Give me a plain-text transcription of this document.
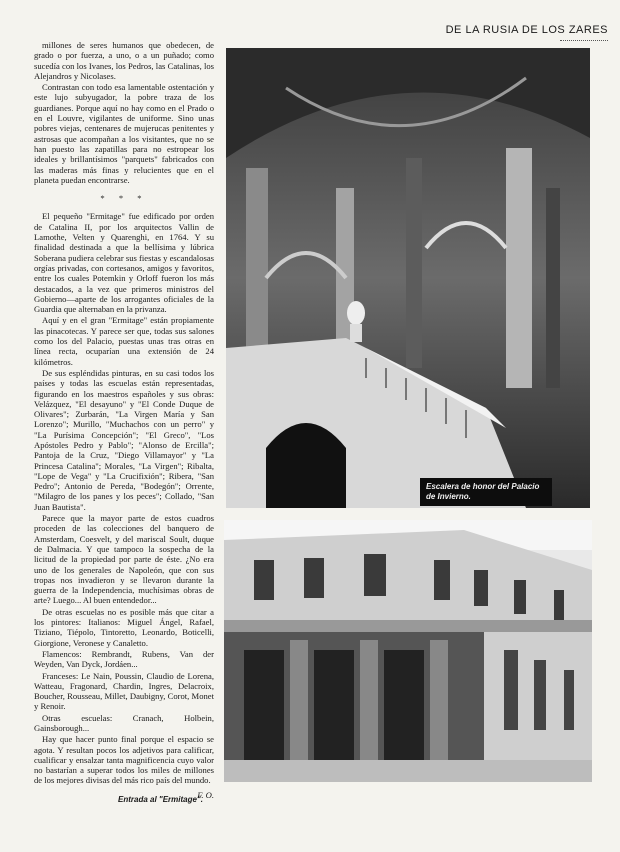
DE LA RUSIA DE LOS ZARES

millones de seres humanos que obedecen, de grado o por fuerza, a uno, o a un puñado; como sucedía con los Ivanes, los Pedros, las Catalinas, los Alejandros y Nicolases.

Contrastan con todo esa lamentable ostentación y este lujo subyugador, la pobre traza de los guardianes. Porque aquí no hay como en el Prado o en el Louvre, vigilantes de uniforme. Sino unas pobres viejas, centenares de mujerucas penitentes y astrosas que acompañan a los visitantes, que no se han puesto las zapatillas para no estropear los ideales y brillantísimos "parquets" fabricados con las maderas más finas y relucientes que en el planeta puedan encontrarse.

* * *

El pequeño "Ermitage" fue edificado por orden de Catalina II, por los arquitectos Vallin de Lamothe, Velten y Quarenghi, en 1764. Y su finalidad destinada a que la bellísima y lúbrica Soberana pudiera celebrar sus fiestas y escandalosas orgías privadas, con cortesanos, amigos y favoritos, entre los cuales Potemkin y Orloff fueron los más destacados, a la vez que primeros ministros del Gobierno—aparte de los arrogantes oficiales de la Guardia que alternaban en la privanza.

Aquí y en el gran "Ermitage" están propiamente las pinacotecas. Y parece ser que, todas sus salones como los del Palacio, puestas unas tras otras en línea recta, ocuparían una extensión de 24 kilómetros.

De sus espléndidas pinturas, en su casi todos los países y todas las escuelas están representadas, figurando en los maestros españoles y sus obras: Velázquez, "El desayuno" y "El Conde Duque de Olivares"; Zurbarán, "La Virgen María y San Lorenzo"; Murillo, "Muchachos con un perro" y "La Purísima Concepción"; "El Greco", "Los Apóstoles Pedro y Pablo"; "Alonso de Ercilla"; Pantoja de la Cruz, "Diego Villamayor" y "La Princesa Catalina"; Morales, "La Virgen"; Ribalta, "Lope de Vega" y "La Crucifixión"; Ribera, "San Pedro"; Antonio de Pereda, "Bodegón"; Orrente, "Milagro de los panes y los peces"; Collado, "San Juan Bautista".

Parece que la mayor parte de estos cuadros proceden de las colecciones del banquero de Amsterdam, Coesvelt, y del mariscal Soult, duque de Dalmacia. Y que tampoco la sospecha de la licitud de la propiedad por parte de éste. ¿No era uno de los generales de Napoleón, que con sus tropas nos invadieron y se llevaron durante la guerra de la Independencia, muchísimas obras de arte? Luego... Al buen entendedor...

De otras escuelas no es posible más que citar a los pintores: Italianos: Miguel Ángel, Rafael, Tiziano, Tiépolo, Tintoretto, Leonardo, Boticelli, Giorgione, Veronese y Canaletto.

Flamencos: Rembrandt, Rubens, Van der Weyden, Van Dyck, Jordáen...

Franceses: Le Nain, Poussin, Claudio de Lorena, Watteau, Fragonard, Chardin, Ingres, Delacroix, Boucher, Rousseau, Millet, Daubigny, Corot, Monet y Renoir.

Otras escuelas: Cranach, Holbein, Gainsborough...

Hay que hacer punto final porque el espacio se agota. Y resultan pocos los adjetivos para calificar, cualificar y ensalzar tanta magnificencia cuyo valor no bastarían a superar todos los miles de millones de los mejores divisas del más rico país del mundo.

F. O.

Escalera de honor del Palacio de Invierno.
Entrada al "Ermitage".
